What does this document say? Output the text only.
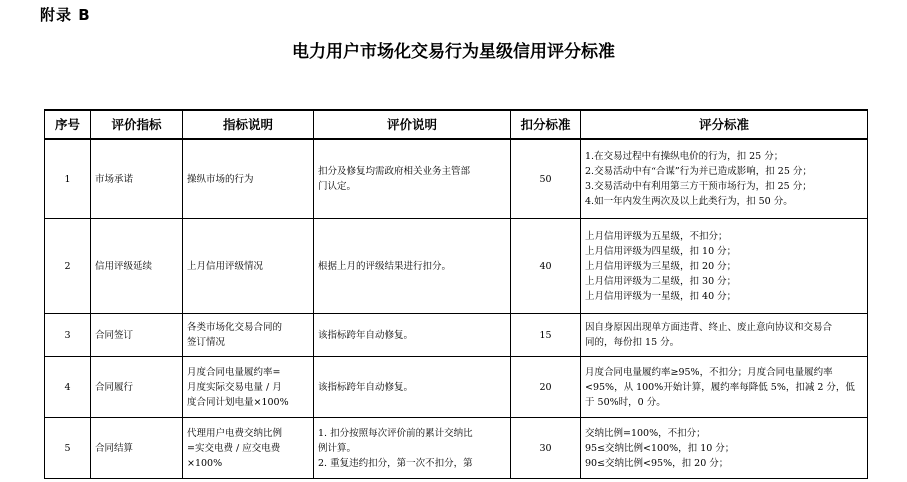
附录 B
电力用户市场化交易行为星级信用评分标准
序号	评价指标	指标说明	评价说明	扣分标准	评分标准
1	市场承诺	操纵市场的行为	扣分及修复均需政府相关业务主管部
门认定。	50	1.在交易过程中有操纵电价的行为，扣 25 分；
2.交易活动中有“合谋”行为并已造成影响，扣 25 分；
3.交易活动中有利用第三方干预市场行为，扣 25 分；
4.如一年内发生两次及以上此类行为，扣 50 分。

2	信用评级延续	上月信用评级情况	根据上月的评级结果进行扣分。	40	上月信用评级为五星级，不扣分；
上月信用评级为四星级，扣 10 分；
上月信用评级为三星级，扣 20 分；
上月信用评级为二星级，扣 30 分；
上月信用评级为一星级，扣 40 分；

3	合同签订	各类市场化交易合同的
签订情况	该指标跨年自动修复。	15	因自身原因出现单方面违背、终止、废止意向协议和交易合
同的，每份扣 15 分。

4	合同履行	月度合同电量履约率=
月度实际交易电量 / 月
度合同计划电量×100%	该指标跨年自动修复。	20	月度合同电量履约率≥95%，不扣分；月度合同电量履约率
<95%，从 100%开始计算，履约率每降低 5%，扣减 2 分，低
于 50%时，0 分。

5	合同结算	代理用户电费交纳比例
=实交电费 / 应交电费
×100%	1. 扣分按照每次评价前的累计交纳比
例计算。
2. 重复违约扣分，第一次不扣分，第	30	交纳比例=100%，不扣分；
95≤交纳比例<100%，扣 10 分；
90≤交纳比例<95%，扣 20 分；
